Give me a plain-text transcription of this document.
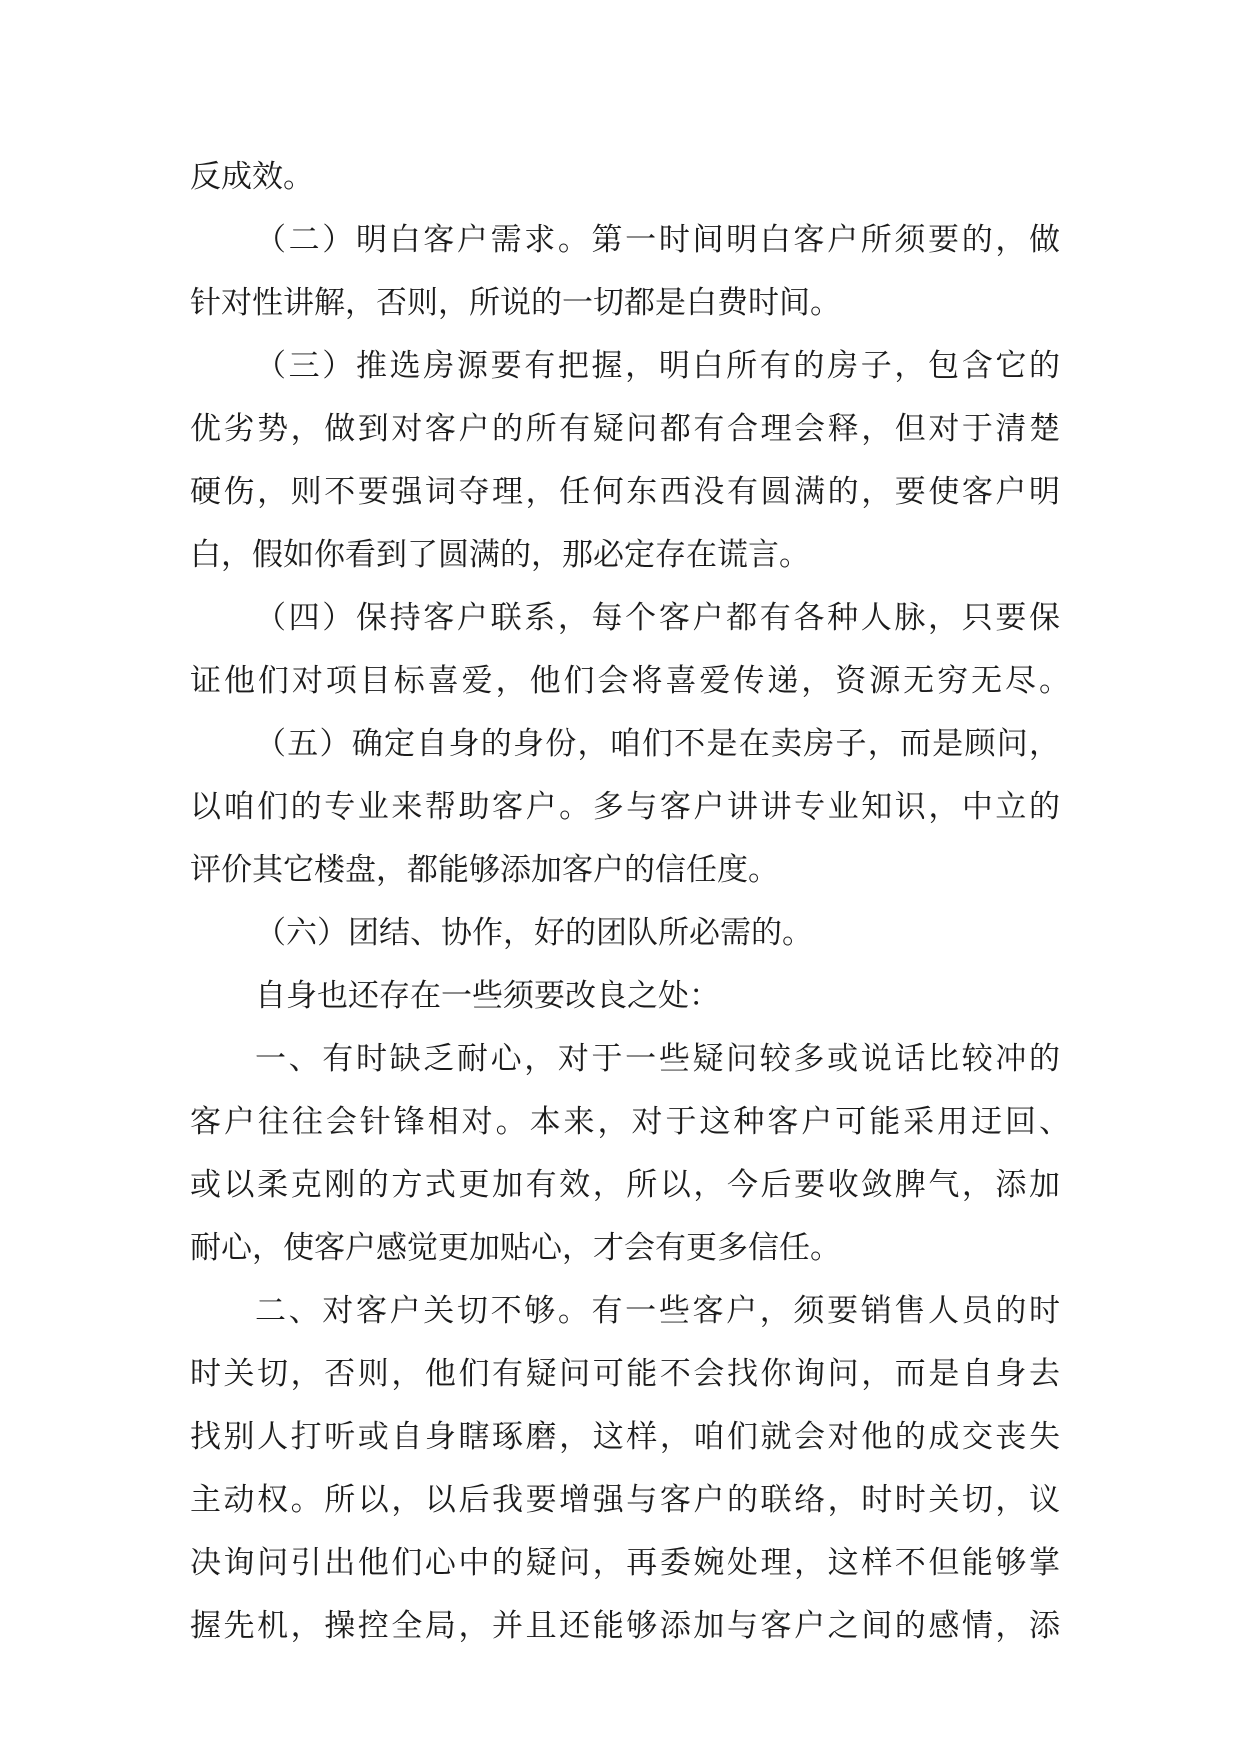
反成效。
（二）明白客户需求。第一时间明白客户所须要的，做
针对性讲解，否则，所说的一切都是白费时间。
（三）推选房源要有把握，明白所有的房子，包含它的
优劣势，做到对客户的所有疑问都有合理会释，但对于清楚
硬伤，则不要强词夺理，任何东西没有圆满的，要使客户明
白，假如你看到了圆满的，那必定存在谎言。
（四）保持客户联系，每个客户都有各种人脉，只要保
证他们对项目标喜爱，他们会将喜爱传递，资源无穷无尽。
（五）确定自身的身份，咱们不是在卖房子，而是顾问，
以咱们的专业来帮助客户。多与客户讲讲专业知识，中立的
评价其它楼盘，都能够添加客户的信任度。
（六）团结、协作，好的团队所必需的。
自身也还存在一些须要改良之处：
一、有时缺乏耐心，对于一些疑问较多或说话比较冲的
客户往往会针锋相对。本来，对于这种客户可能采用迂回、
或以柔克刚的方式更加有效，所以，今后要收敛脾气，添加
耐心，使客户感觉更加贴心，才会有更多信任。
二、对客户关切不够。有一些客户，须要销售人员的时
时关切，否则，他们有疑问可能不会找你询问，而是自身去
找别人打听或自身瞎琢磨，这样，咱们就会对他的成交丧失
主动权。所以，以后我要增强与客户的联络，时时关切，议
决询问引出他们心中的疑问，再委婉处理，这样不但能够掌
握先机，操控全局，并且还能够添加与客户之间的感情，添
